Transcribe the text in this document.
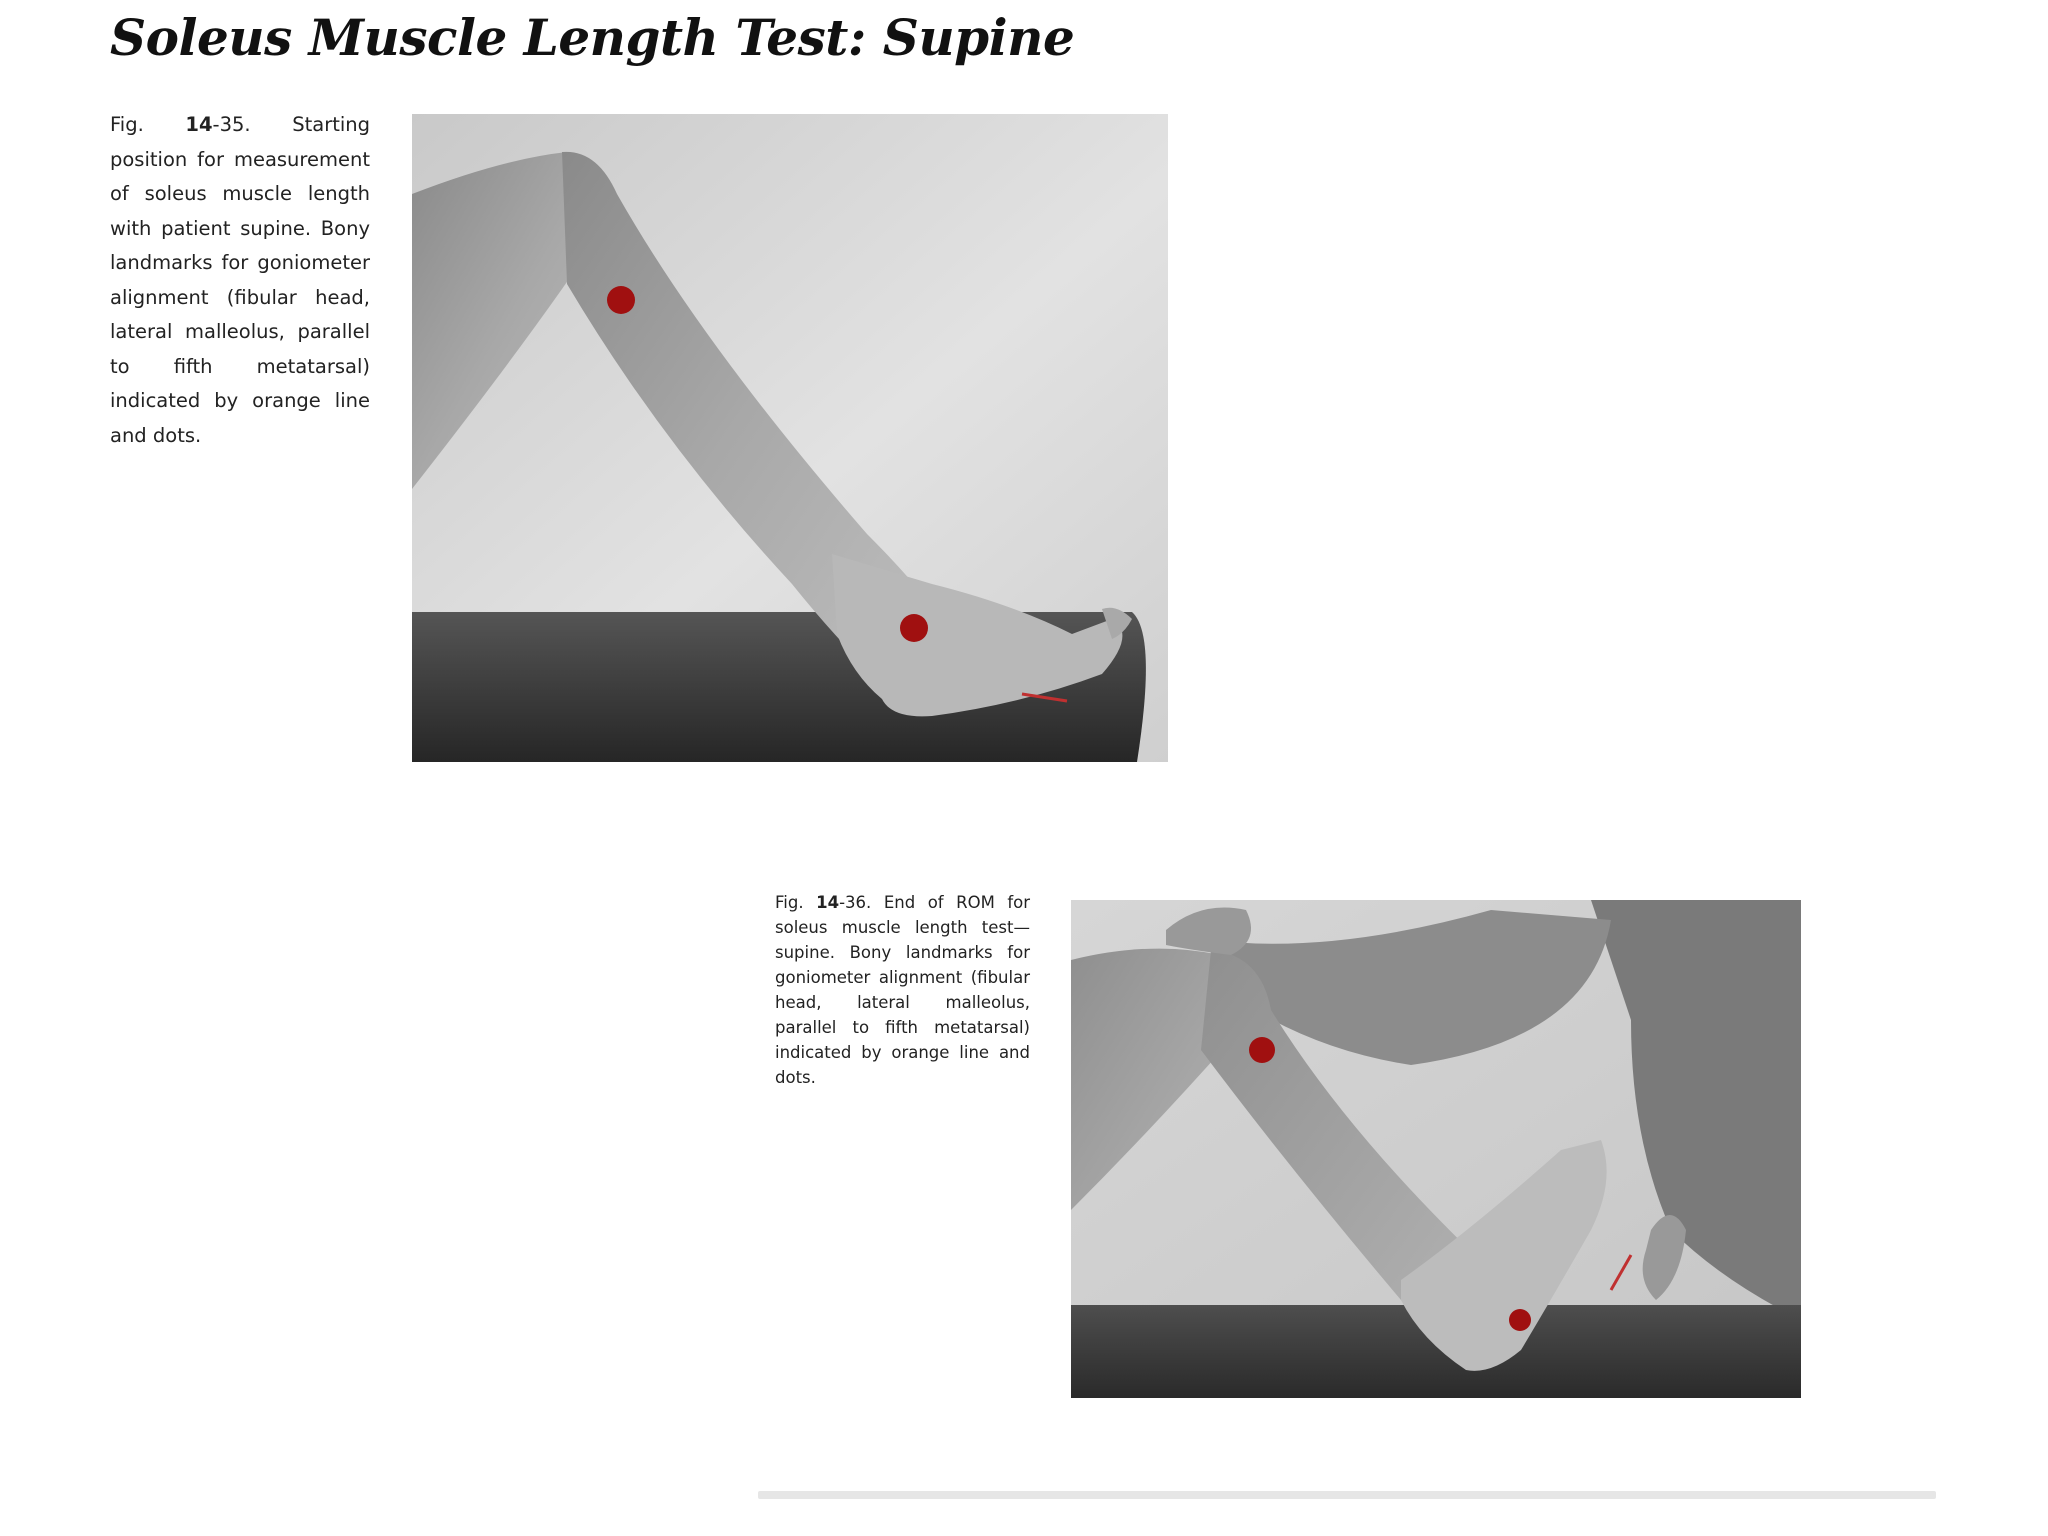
Soleus Muscle Length Test: Supine

Fig. 14-35. Starting position for measurement of soleus muscle length with patient supine. Bony landmarks for goniometer alignment (fibular head, lateral malleolus, parallel to fifth metatarsal) indicated by orange line and dots.

Fig. 14-36. End of ROM for soleus muscle length test—supine. Bony landmarks for goniometer alignment (fibular head, lateral malleolus, parallel to fifth metatarsal) indicated by orange line and dots.
